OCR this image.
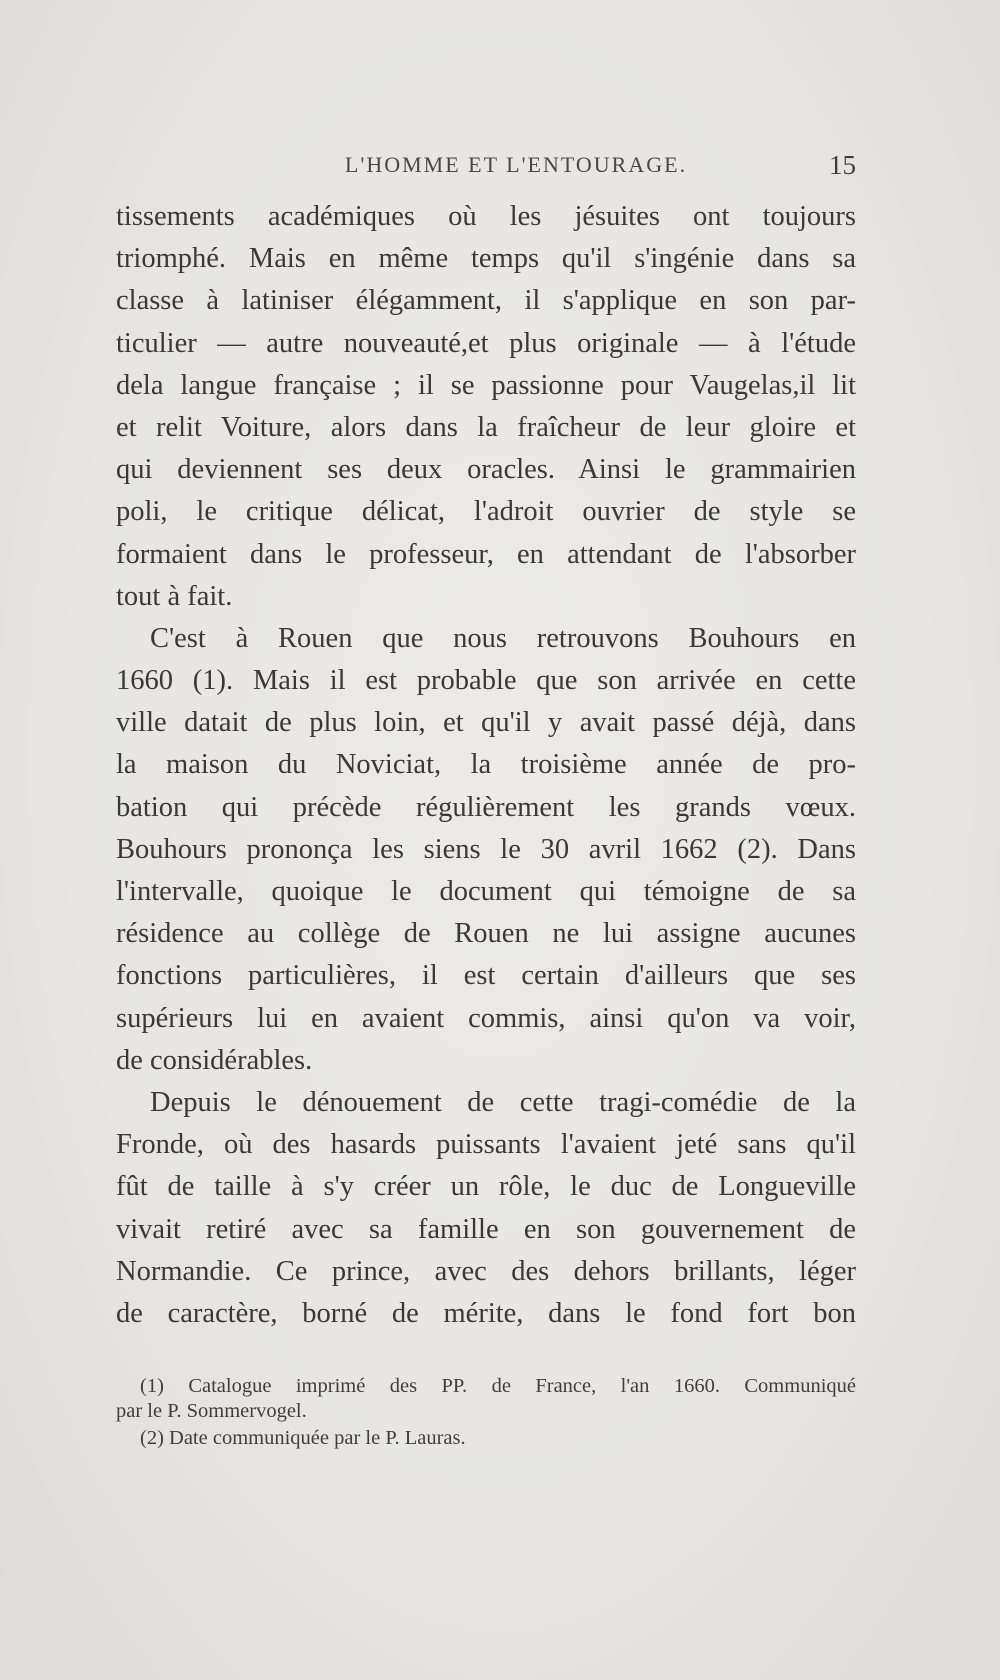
L'HOMME ET L'ENTOURAGE.	15
tissements académiques où les jésuites ont toujours
triomphé. Mais en même temps qu'il s'ingénie dans sa
classe à latiniser élégamment, il s'applique en son par-
ticulier — autre nouveauté,et plus originale — à l'étude
dela langue française ; il se passionne pour Vaugelas,il lit
et relit Voiture, alors dans la fraîcheur de leur gloire et
qui deviennent ses deux oracles. Ainsi le grammairien
poli, le critique délicat, l'adroit ouvrier de style se
formaient dans le professeur, en attendant de l'absorber
tout à fait.
C'est à Rouen que nous retrouvons Bouhours en
1660 (1). Mais il est probable que son arrivée en cette
ville datait de plus loin, et qu'il y avait passé déjà, dans
la maison du Noviciat, la troisième année de pro-
bation qui précède régulièrement les grands vœux.
Bouhours prononça les siens le 30 avril 1662 (2). Dans
l'intervalle, quoique le document qui témoigne de sa
résidence au collège de Rouen ne lui assigne aucunes
fonctions particulières, il est certain d'ailleurs que ses
supérieurs lui en avaient commis, ainsi qu'on va voir,
de considérables.
Depuis le dénouement de cette tragi-comédie de la
Fronde, où des hasards puissants l'avaient jeté sans qu'il
fût de taille à s'y créer un rôle, le duc de Longueville
vivait retiré avec sa famille en son gouvernement de
Normandie. Ce prince, avec des dehors brillants, léger
de caractère, borné de mérite, dans le fond fort bon
(1) Catalogue imprimé des PP. de France, l'an 1660. Communiqué
par le P. Sommervogel.
(2) Date communiquée par le P. Lauras.
